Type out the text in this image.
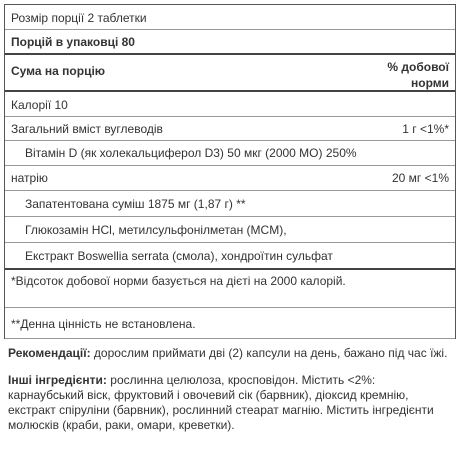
Розмір порції 2 таблетки
Порцій в упаковці 80
Сума на порцію	% добової норми
Калорії 10
Загальний вміст вуглеводів	1 г <1%*
Вітамін D (як холекальциферол D3) 50 мкг (2000 МО) 250%
натрію	20 мг <1%
Запатентована суміш 1875 мг (1,87 г) **
Глюкозамін HCl, метилсульфонілметан (MCM),
Екстракт Boswellia serrata (смола), хондроїтин сульфат
*Відсоток добової норми базується на дієті на 2000 калорій.
**Денна цінність не встановлена.

Рекомендації: дорослим приймати дві (2) капсули на день, бажано під час їжі.

Інші інгредієнти: рослинна целюлоза, кросповідон. Містить <2%: карнаубський віск, фруктовий і овочевий сік (барвник), діоксид кремнію, екстракт спіруліни (барвник), рослинний стеарат магнію. Містить інгредієнти молюсків (краби, раки, омари, креветки).
